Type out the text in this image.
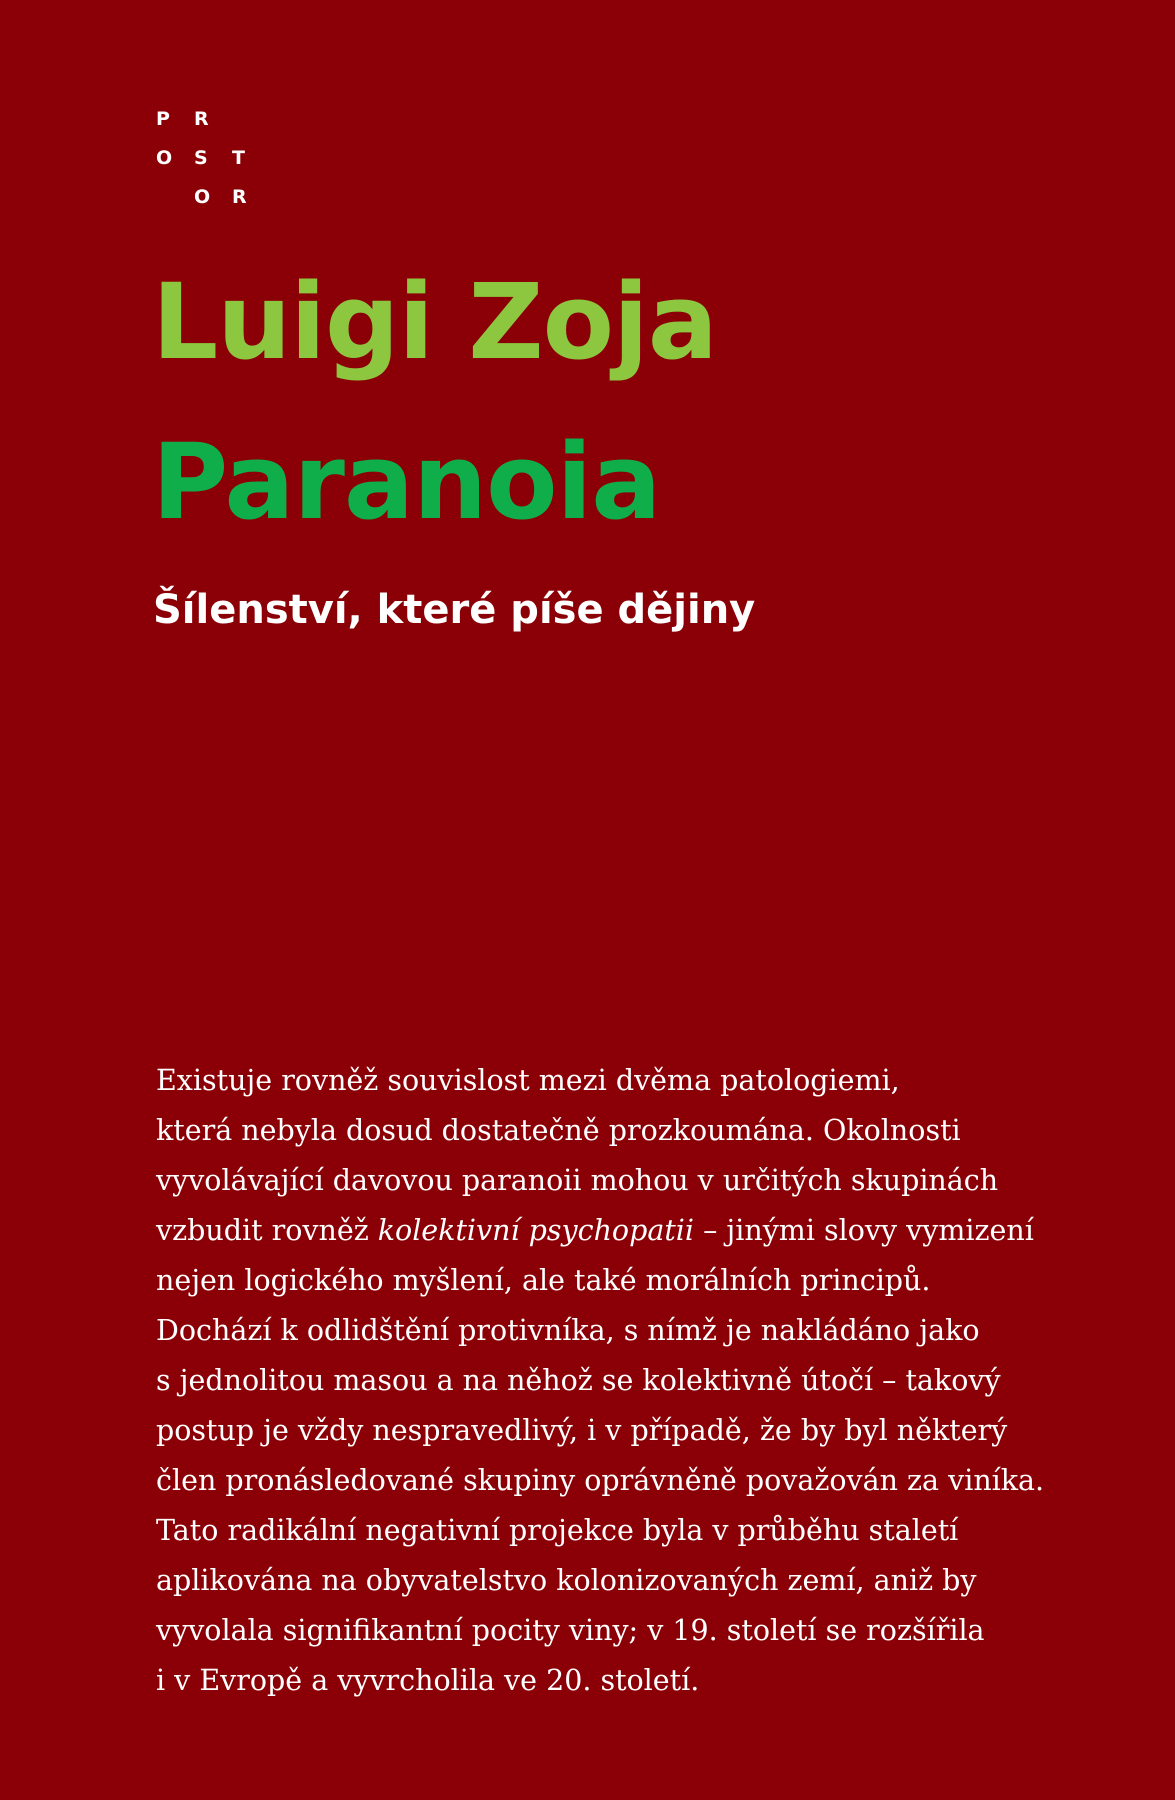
P R
O S T
O R
Luigi Zoja
Paranoia
Šílenství, které píše dějiny
Existuje rovněž souvislost mezi dvěma patologiemi,
která nebyla dosud dostatečně prozkoumána. Okolnosti
vyvolávající davovou paranoii mohou v určitých skupinách
vzbudit rovněž kolektivní psychopatii – jinými slovy vymizení
nejen logického myšlení, ale také morálních principů.
Dochází k odlidštění protivníka, s nímž je nakládáno jako
s jednolitou masou a na něhož se kolektivně útočí – takový
postup je vždy nespravedlivý, i v případě, že by byl některý
člen pronásledované skupiny oprávněně považován za viníka.
Tato radikální negativní projekce byla v průběhu staletí
aplikována na obyvatelstvo kolonizovaných zemí, aniž by
vyvolala signifikantní pocity viny; v 19. století se rozšířila
i v Evropě a vyvrcholila ve 20. století.
